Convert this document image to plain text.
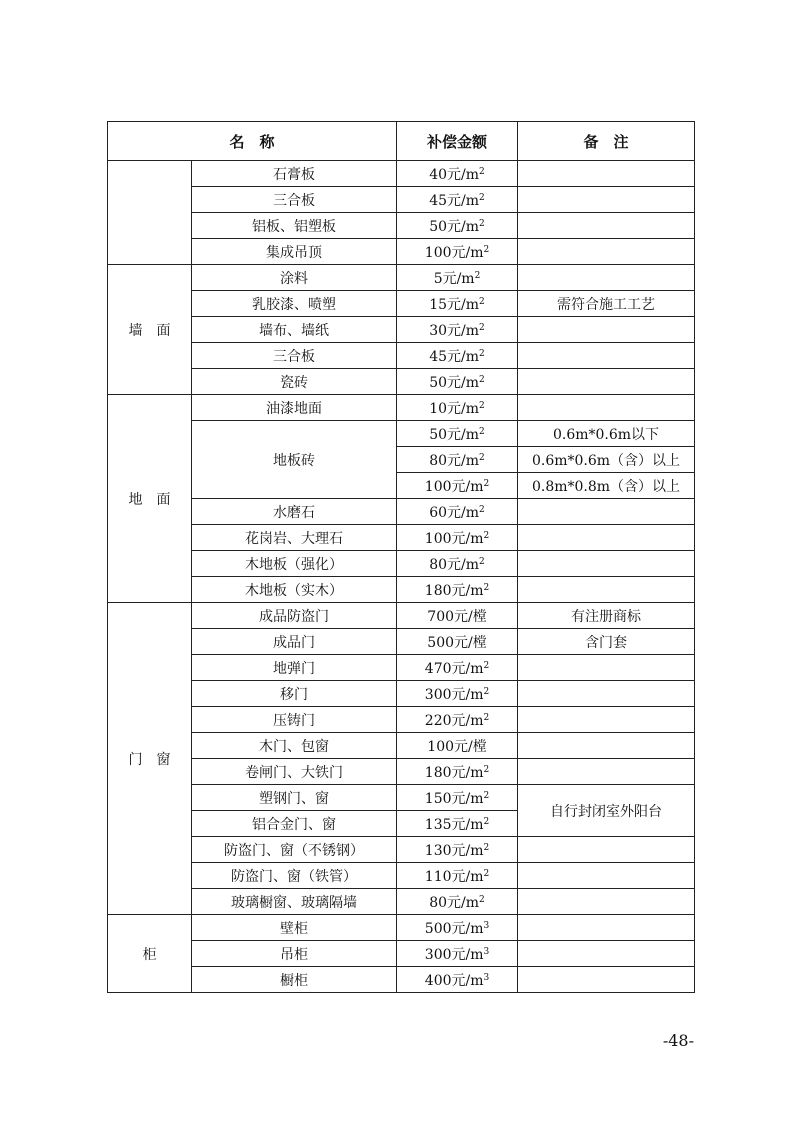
名　称		补偿金额	备　注
	石膏板	40元$/m^2$	
	三合板	45元$/m^2$	
	铝板、铝塑板	50元$/m^2$	
	集成吊顶	100元$/m^2$	
墙　面	涂料	5元$/m^2$	
	乳胶漆、喷塑	15元$/m^2$	需符合施工工艺
	墙布、墙纸	30元$/m^2$	
	三合板	45元$/m^2$	
	瓷砖	50元$/m^2$	
地　面	油漆地面	10元$/m^2$	
	地板砖	50元$/m^2$	0.6m*0.6m以下
		80元$/m^2$	0.6m*0.6m（含）以上
		100元$/m^2$	0.8m*0.8m（含）以上
	水磨石	60元$/m^2$	
	花岗岩、大理石	100元$/m^2$	
	木地板（强化）	80元$/m^2$	
	木地板（实木）	180元$/m^2$	
门　窗	成品防盗门	700元/樘	有注册商标
	成品门	500元/樘	含门套
	地弹门	470元$/m^2$	
	移门	300元$/m^2$	
	压铸门	220元$/m^2$	
	木门、包窗	100元/樘	
	卷闸门、大铁门	180元$/m^2$	
	塑钢门、窗	150元$/m^2$	自行封闭室外阳台
	铝合金门、窗	135元$/m^2$
	防盗门、窗（不锈钢）	130元$/m^2$	
	防盗门、窗（铁管）	110元$/m^2$	
	玻璃橱窗、玻璃隔墙	80元$/m^2$	
柜	壁柜	500元$/m^3$	
	吊柜	300元$/m^3$	
	橱柜	400元$/m^3$	
-48-
